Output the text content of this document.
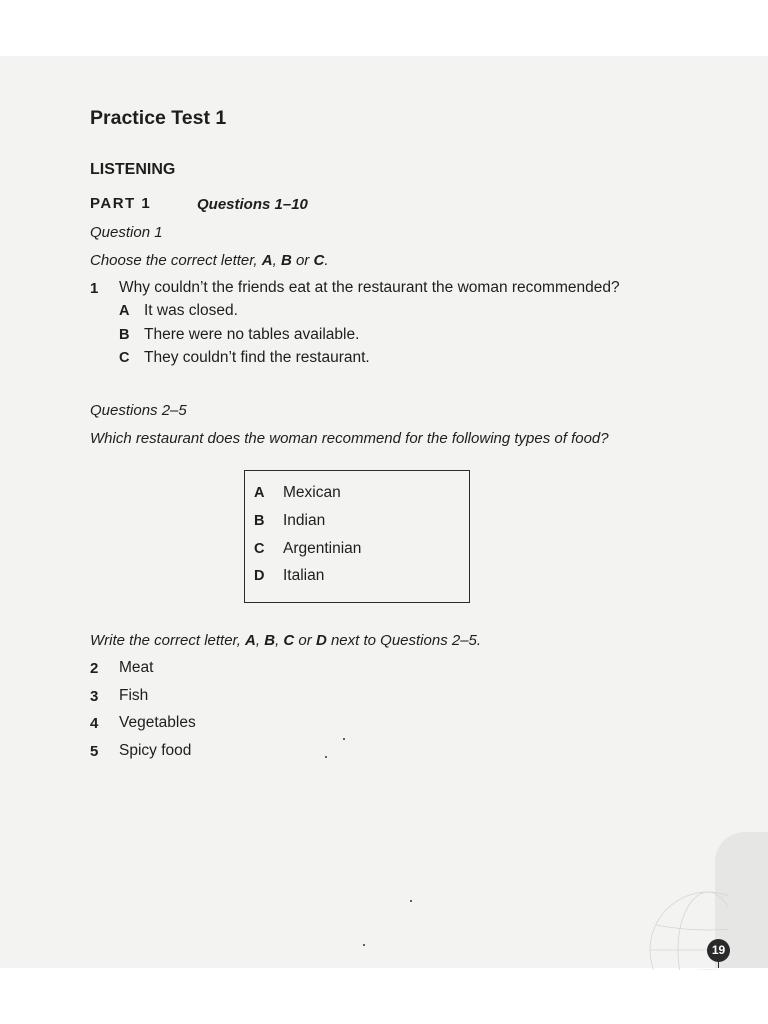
Practice Test 1
LISTENING
PART 1	Questions 1–10
Question 1
Choose the correct letter, A, B or C.
1 Why couldn’t the friends eat at the restaurant the woman recommended?
A It was closed.
B There were no tables available.
C They couldn’t find the restaurant.
Questions 2–5
Which restaurant does the woman recommend for the following types of food?
A Mexican
B Indian
C Argentinian
D Italian
Write the correct letter, A, B, C or D next to Questions 2–5.
2 Meat
3 Fish
4 Vegetables
5 Spicy food
19
